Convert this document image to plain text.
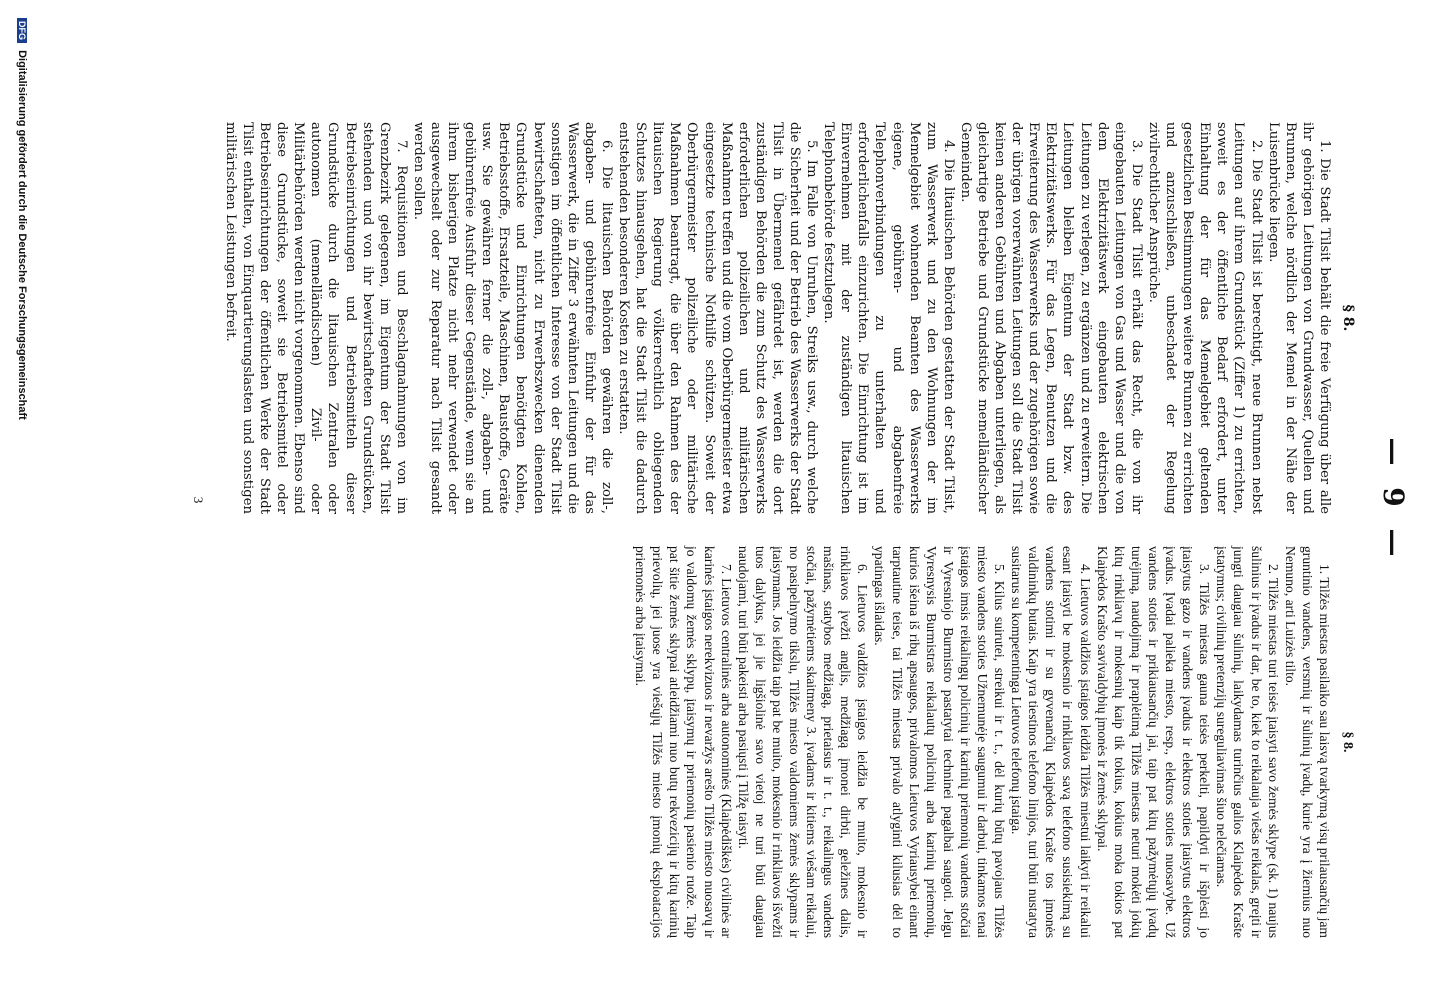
— 9 —
§ 8.

1. Die Stadt Tilsit behält die freie Verfügung über alle ihr gehörigen Leitungen von Grundwasser, Quellen und Brunnen, welche nördlich der Memel in der Nähe der Luisenbrücke liegen.

2. Die Stadt Tilsit ist berechtigt, neue Brunnen nebst Leitungen auf ihrem Grundstück (Ziffer 1) zu errichten, soweit es der öffentliche Bedarf erfordert, unter Einhaltung der für das Memelgebiet geltenden gesetzlichen Bestimmungen weitere Brunnen zu errichten und anzuschließen, unbeschadet der Regelung zivilrechtlicher Ansprüche.

3. Die Stadt Tilsit erhält das Recht, die von ihr eingebauten Leitungen von Gas und Wasser und die von dem Elektrizitätswerk eingebauten elektrischen Leitungen zu verlegen, zu ergänzen und zu erweitern. Die Leitungen bleiben Eigentum der Stadt bzw. des Elektrizitätswerks. Für das Legen, Benutzen und die Erweiterung des Wasserwerks und der zugehörigen sowie der übrigen vorerwähnten Leitungen soll die Stadt Tilsit keinen anderen Gebühren und Abgaben unterliegen, als gleichartige Betriebe und Grundstücke memelländischer Gemeinden.

4. Die litauischen Behörden gestatten der Stadt Tilsit, zum Wasserwerk und zu den Wohnungen der im Memelgebiet wohnenden Beamten des Wasserwerks eigene, gebühren- und abgabenfreie Telephonverbindungen zu unterhalten und erforderlichenfalls einzurichten. Die Einrichtung ist im Einvernehmen mit der zuständigen litauischen Telephonbehörde festzulegen.

5. Im Falle von Unruhen, Streiks usw., durch welche die Sicherheit und der Betrieb des Wasserwerks der Stadt Tilsit in Übermemel gefährdet ist, werden die dort zuständigen Behörden die zum Schutz des Wasserwerks erforderlichen polizeilichen und militärischen Maßnahmen treffen und die vom Oberbürgermeister etwa eingesetzte technische Nothilfe schützen. Soweit der Oberbürgermeister polizeiliche oder militärische Maßnahmen beantragt, die über den Rahmen des der litauischen Regierung völkerrechtlich obliegenden Schutzes hinausgehen, hat die Stadt Tilsit die dadurch entstehenden besonderen Kosten zu erstatten.

6. Die litauischen Behörden gewähren die zoll-, abgaben- und gebührenfreie Einfuhr der für das Wasserwerk, die in Ziffer 3 erwähnten Leitungen und die sonstigen im öffentlichen Interesse von der Stadt Tilsit bewirtschafteten, nicht zu Erwerbszwecken dienenden Grundstücke und Einrichtungen benötigten Kohlen, Betriebsstoffe, Ersatzteile, Maschinen, Baustoffe, Geräte usw. Sie gewähren ferner die zoll-, abgaben- und gebührenfreie Ausfuhr dieser Gegenstände, wenn sie an ihrem bisherigen Platze nicht mehr verwendet oder ausgewechselt oder zur Reparatur nach Tilsit gesandt werden sollen.

7. Requisitionen und Beschlagnahmungen von im Grenzbezirk gelegenen, im Eigentum der Stadt Tilsit stehenden und von ihr bewirtschafteten Grundstücken, Betriebseinrichtungen und Betriebsmitteln dieser Grundstücke durch die litauischen Zentralen oder autonomen (memelländischen) Zivil- oder Militärbehörden werden nicht vorgenommen. Ebenso sind diese Grundstücke, soweit sie Betriebsmittel oder Betriebseinrichtungen der öffentlichen Werke der Stadt Tilsit enthalten, von Einquartierungslasten und sonstigen militärischen Leistungen befreit.

§ 8.

1. Tilžės miestas pasilaiko sau laisvą tvarkymą visų prilausančių jam gruntinio vandens, versmių ir šulinių įvadų, kurie yra į žiemius nuo Nemuno, arti Luizės tilto.

2. Tilžės miestas turi teisės įtaisyti savo žemės sklype (sk. 1) naujus šulinius ir įvadus ir dar, be to, kiek to reikalauja viešas reikalas, greįti ir jungti daugiau šulinių, laikydamas turinčius galios Klaipėdos Krašte įstatymus; civilinių pretenzijų sureguliavimas šiuo nelečiamas.

3. Tilžės miestas gauna teisės perkelti, papildyti ir išplėsti jo įtaisytus gazo ir vandens įvadus ir elektros stoties įtaisytus elektros įvadus. Įvadai palieka miesto, resp., elektros stoties nuosavybe. Už vandens stoties ir prikiausančių jai, taip pat kitų pažymėtųjų įvadų turėjimą, naudojimą ir praplėtimą Tilžės miestas neturi mokėti jokių kitų rinkliavų ir mokesnių kaip tik tokius, kokius moka tokios pat Klaipėdos Krašto savivaldybių įmonės ir žemės sklypai.

4. Lietuvos valdžios įstaigos leidžia Tilžės miestui laikyti ir reikalui esant įtaisyti be mokesnio ir rinkliavos savą telefono susisiekimą su vandens stotimi ir su gyvenančių Klaipėdos Krašte tos įmonės valdininkų butais. Kaip yra tiestinos telefono linijos, turi būti nustatyta susitarus su kompetentinga Lietuvos telefonų įstaiga.

5. Kilus suirutei, streikui ir t. t., dėl kurių būtų pavojaus Tilžės miesto vandens stoties Užnemunėje saugumui ir darbui, tinkamos tenai įstaigos imsis reikalingų policinių ir karinių priemonių vandens stočiai ir Vyresniojo Burmistro pastatytai techninei pagalbai saugoti. Jeigu Vyresnysis Burmistras reikalautų policinių arba karinių priemonių, kurios išeina iš ribų apsaugos, privalomos Lietuvos Vyriausybei einant tarptautine teise, tai Tilžės miestas privalo atlyginti kilusias dėl to ypatingas išlaidas.

6. Lietuvos valdžios įstaigos leidžia be muito, mokesnio ir rinkliavos įvežti anglis, medžiagą įmonei dirbti, geležines dalis, mašinas, statybos medžiagą, prietaisus ir t. t., reikalingus vandens stočiai, pažymėtiems skaitmeny 3. įvadams ir kitiems viešam reikalui, no pasipelnymo tikslu, Tilžės miesto valdomiems žemės sklypams ir įtaisymams. Jos leidžia taip pat be muito, mokesnio ir rinkliavos išvežti tuos dalykus, jei jie ligšiolinė savo vietoj ne turi būti daugiau naudojami, turi būti pakeisti arba pasiųsti į Tilžę taisyti.

7. Lietuvos centralinės arba autonominės (Klaipėdiškės) civilinės ar karinės įstaigos nerekvizuos ir nevaržys arešto Tilžės miesto nuosavų ir jo valdomų žemės sklypų, įtaisymų ir priemonių pasienio ruože. Taip pat šitie žemės sklypai atleidžiami nuo butų rekvezicijų ir kitų karinių prievolių, jei juose yra viešųjų Tilžės miesto įmonių eksploatacijos priemonės arba įtaisymai.

3
DFG Digitalisierung gefördert durch die Deutsche Forschungsgemeinschaft
